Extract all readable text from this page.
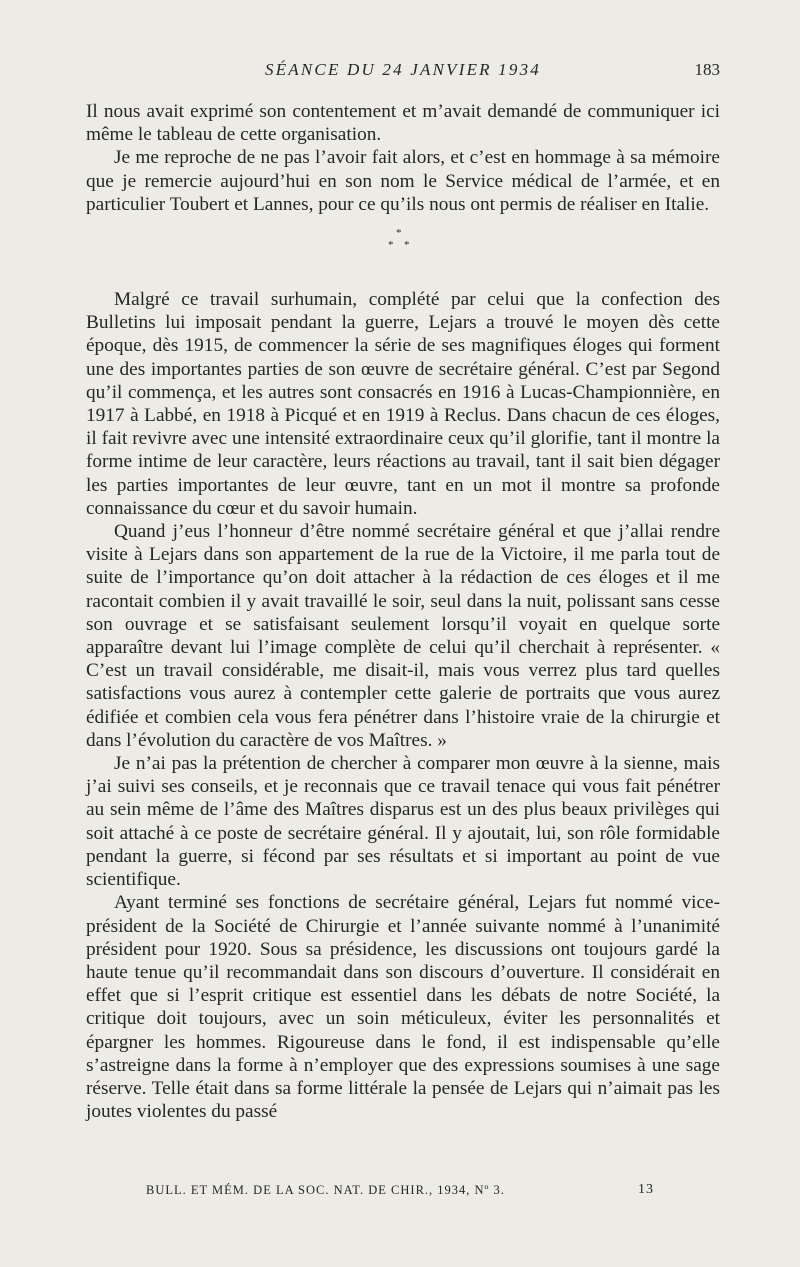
SÉANCE DU 24 JANVIER 1934	183

Il nous avait exprimé son contentement et m’avait demandé de communiquer ici même le tableau de cette organisation.

Je me reproche de ne pas l’avoir fait alors, et c’est en hommage à sa mémoire que je remercie aujourd’hui en son nom le Service médical de l’armée, et en particulier Toubert et Lannes, pour ce qu’ils nous ont permis de réaliser en Italie.

*
* *

Malgré ce travail surhumain, complété par celui que la confection des Bulletins lui imposait pendant la guerre, Lejars a trouvé le moyen dès cette époque, dès 1915, de commencer la série de ses magnifiques éloges qui forment une des importantes parties de son œuvre de secrétaire général. C’est par Segond qu’il commença, et les autres sont consacrés en 1916 à Lucas-Championnière, en 1917 à Labbé, en 1918 à Picqué et en 1919 à Reclus. Dans chacun de ces éloges, il fait revivre avec une intensité extraordinaire ceux qu’il glorifie, tant il montre la forme intime de leur caractère, leurs réactions au travail, tant il sait bien dégager les parties importantes de leur œuvre, tant en un mot il montre sa profonde connaissance du cœur et du savoir humain.

Quand j’eus l’honneur d’être nommé secrétaire général et que j’allai rendre visite à Lejars dans son appartement de la rue de la Victoire, il me parla tout de suite de l’importance qu’on doit attacher à la rédaction de ces éloges et il me racontait combien il y avait travaillé le soir, seul dans la nuit, polissant sans cesse son ouvrage et se satisfaisant seulement lorsqu’il voyait en quelque sorte apparaître devant lui l’image complète de celui qu’il cherchait à représenter. « C’est un travail considérable, me disait-il, mais vous verrez plus tard quelles satisfactions vous aurez à contempler cette galerie de portraits que vous aurez édifiée et combien cela vous fera pénétrer dans l’histoire vraie de la chirurgie et dans l’évolution du caractère de vos Maîtres. »

Je n’ai pas la prétention de chercher à comparer mon œuvre à la sienne, mais j’ai suivi ses conseils, et je reconnais que ce travail tenace qui vous fait pénétrer au sein même de l’âme des Maîtres disparus est un des plus beaux privilèges qui soit attaché à ce poste de secrétaire général. Il y ajoutait, lui, son rôle formidable pendant la guerre, si fécond par ses résultats et si important au point de vue scientifique.

Ayant terminé ses fonctions de secrétaire général, Lejars fut nommé vice-président de la Société de Chirurgie et l’année suivante nommé à l’unanimité président pour 1920. Sous sa présidence, les discussions ont toujours gardé la haute tenue qu’il recommandait dans son discours d’ouverture. Il considérait en effet que si l’esprit critique est essentiel dans les débats de notre Société, la critique doit toujours, avec un soin méticuleux, éviter les personnalités et épargner les hommes. Rigoureuse dans le fond, il est indispensable qu’elle s’astreigne dans la forme à n’employer que des expressions soumises à une sage réserve. Telle était dans sa forme littérale la pensée de Lejars qui n’aimait pas les joutes violentes du passé

BULL. ET MÉM. DE LA SOC. NAT. DE CHIR., 1934, Nº 3.	13
